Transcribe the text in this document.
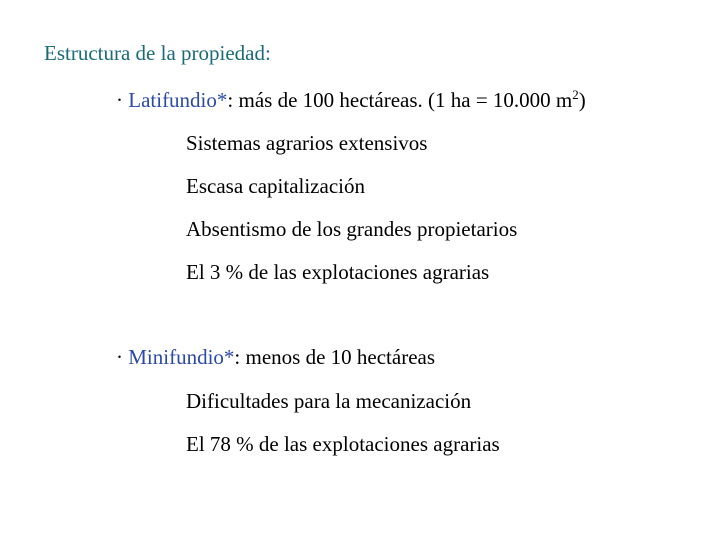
Estructura de la propiedad:
· Latifundio*: más de 100 hectáreas. (1 ha = 10.000 $m^2$)
Sistemas agrarios extensivos
Escasa capitalización
Absentismo de los grandes propietarios
El 3 % de las explotaciones agrarias
· Minifundio*: menos de 10 hectáreas
Dificultades para la mecanización
El 78 % de las explotaciones agrarias
